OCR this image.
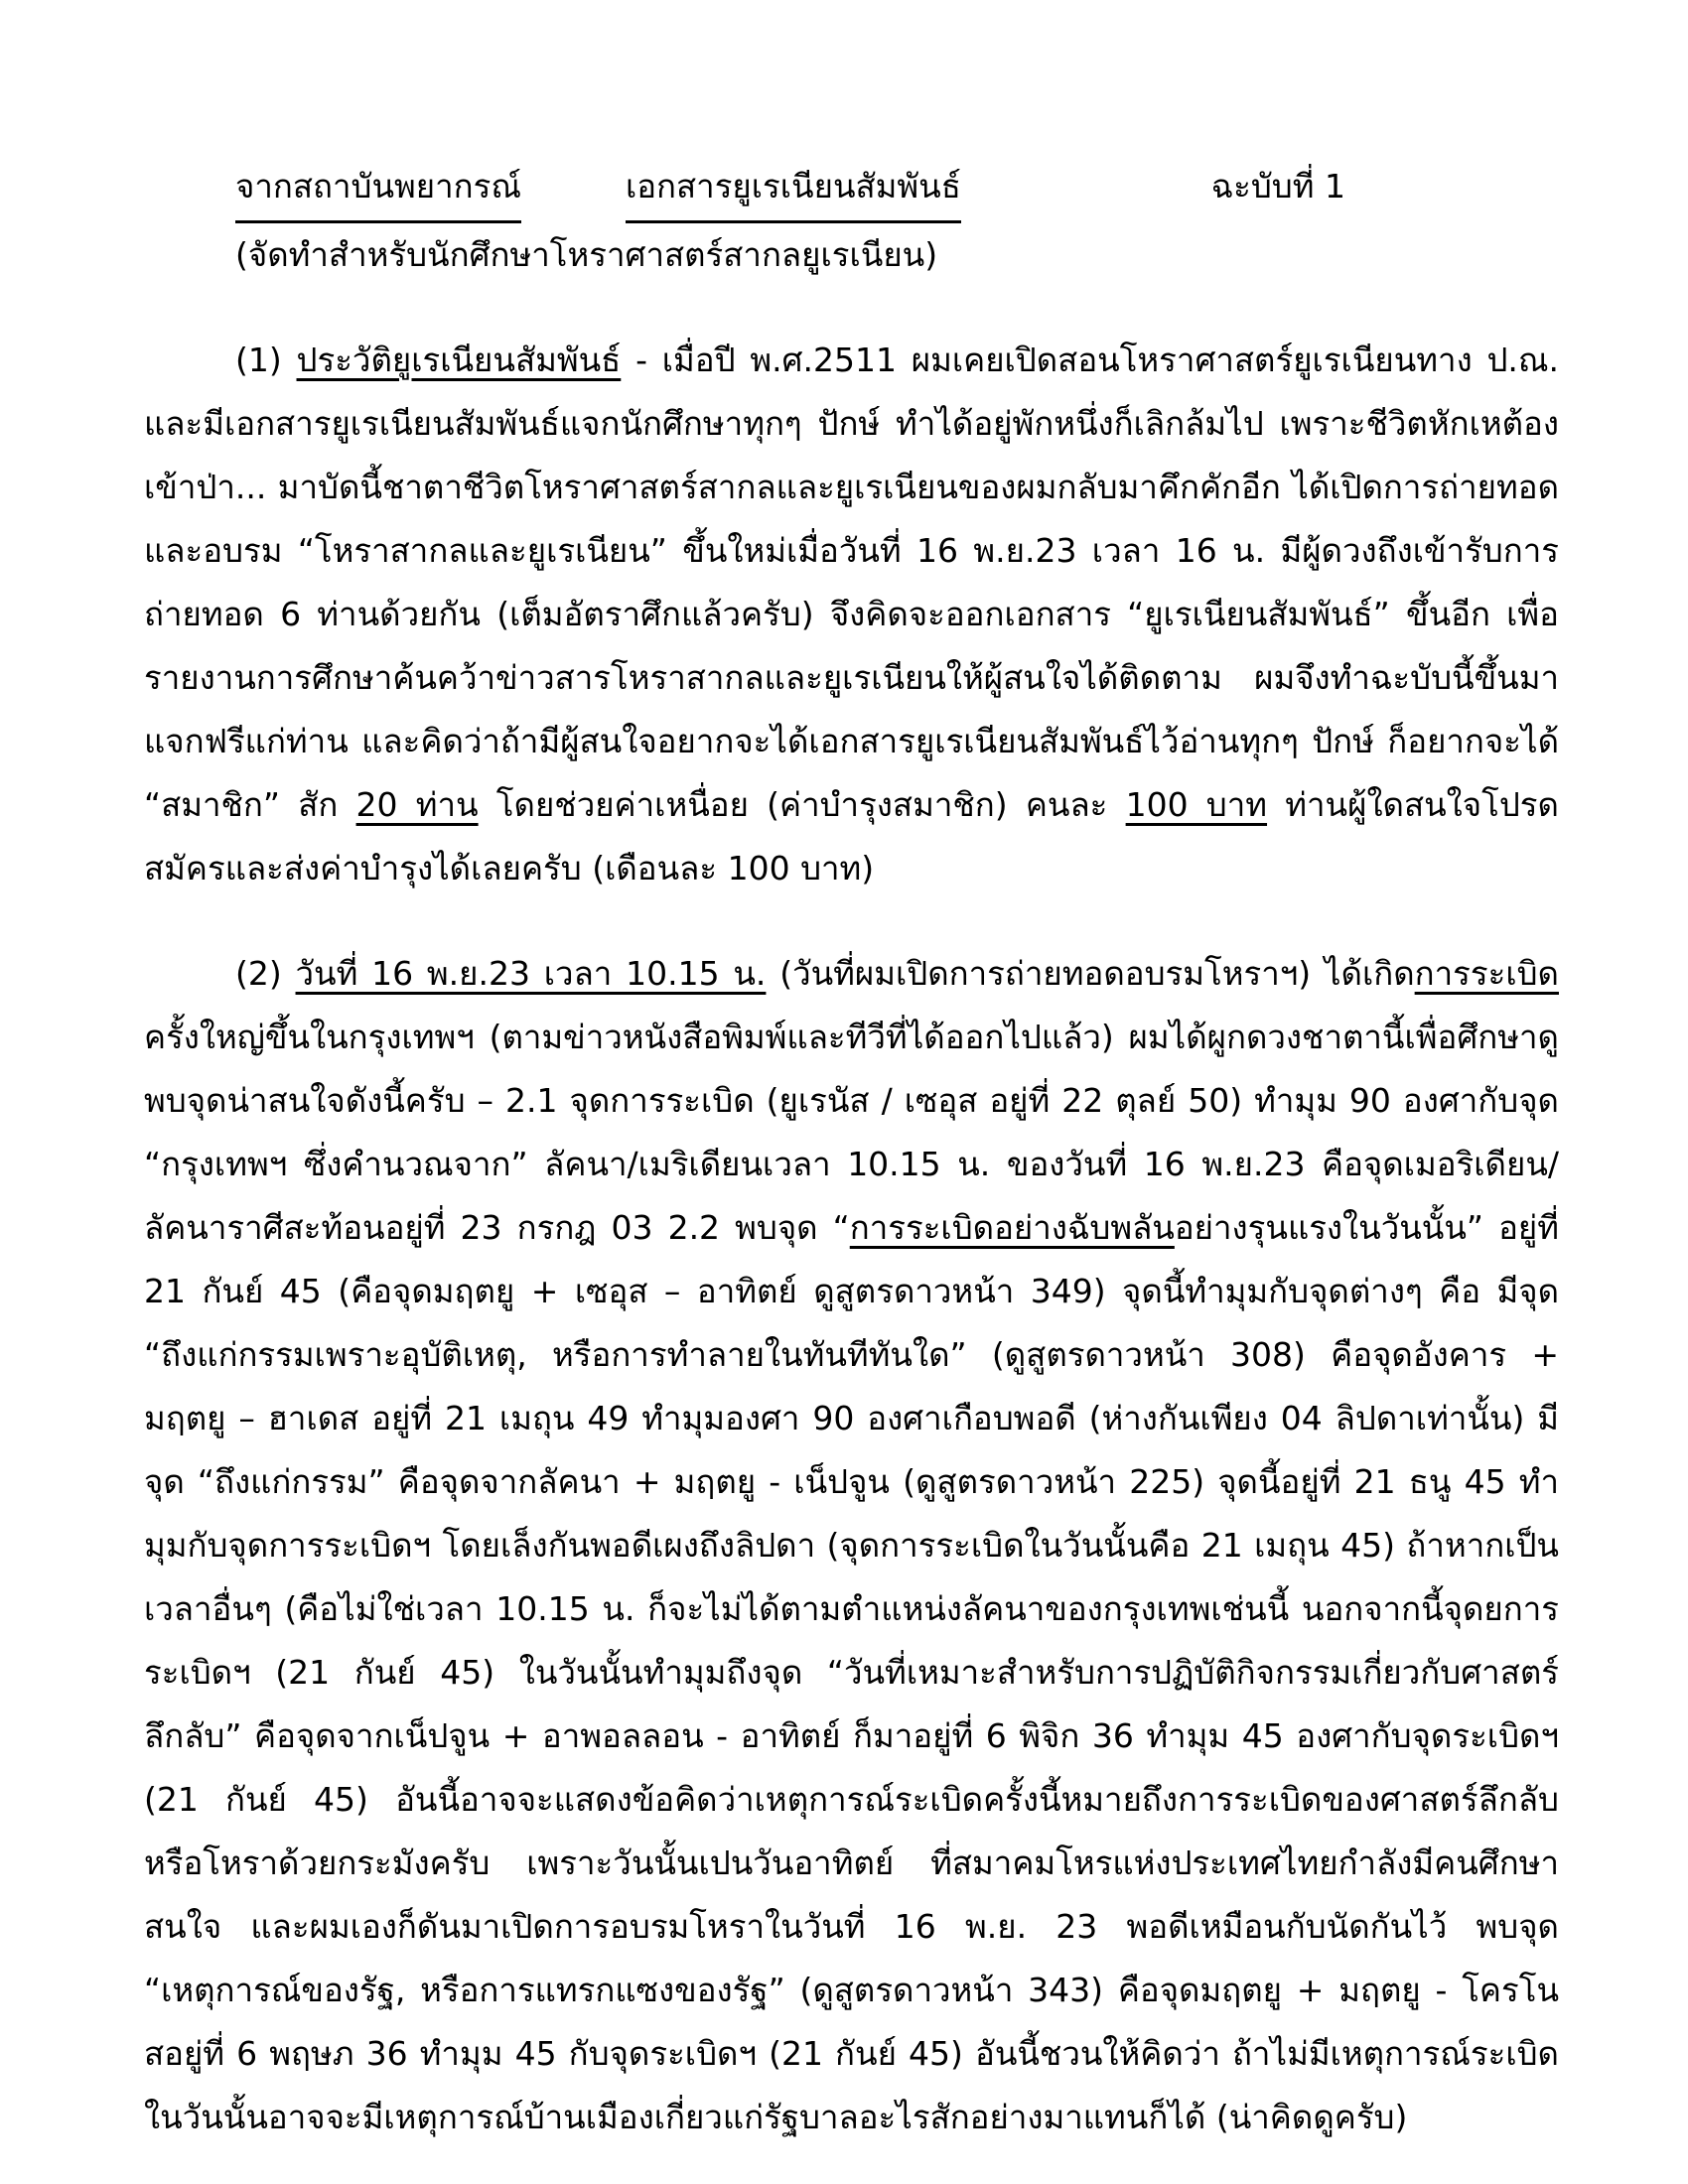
จากสถาบันพยากรณ์	เอกสารยูเรเนียนสัมพันธ์	ฉะบับที่ 1
(จัดทำสำหรับนักศึกษาโหราศาสตร์สากลยูเรเนียน)

(1) ประวัติยูเรเนียนสัมพันธ์ - เมื่อปี พ.ศ.2511 ผมเคยเปิดสอนโหราศาสตร์ยูเรเนียนทาง ป.ณ. และมีเอกสารยูเรเนียนสัมพันธ์แจกนักศึกษาทุกๆ ปักษ์ ทำได้อยู่พักหนึ่งก็เลิกล้มไป เพราะชีวิตหักเหต้องเข้าป่า... มาบัดนี้ชาตาชีวิตโหราศาสตร์สากลและยูเรเนียนของผมกลับมาคึกคักอีก ได้เปิดการถ่ายทอดและอบรม “โหราสากลและยูเรเนียน” ขึ้นใหม่เมื่อวันที่ 16 พ.ย.23 เวลา 16 น. มีผู้ดวงถึงเข้ารับการถ่ายทอด 6 ท่านด้วยกัน (เต็มอัตราศึกแล้วครับ) จึงคิดจะออกเอกสาร “ยูเรเนียนสัมพันธ์” ขึ้นอีก เพื่อรายงานการศึกษาค้นคว้าข่าวสารโหราสากลและยูเรเนียนให้ผู้สนใจได้ติดตาม ผมจึงทำฉะบับนี้ขึ้นมาแจกฟรีแก่ท่าน และคิดว่าถ้ามีผู้สนใจอยากจะได้เอกสารยูเรเนียนสัมพันธ์ไว้อ่านทุกๆ ปักษ์ ก็อยากจะได้ “สมาชิก” สัก 20 ท่าน โดยช่วยค่าเหนื่อย (ค่าบำรุงสมาชิก) คนละ 100 บาท ท่านผู้ใดสนใจโปรดสมัครและส่งค่าบำรุงได้เลยครับ (เดือนละ 100 บาท)

(2) วันที่ 16 พ.ย.23 เวลา 10.15 น. (วันที่ผมเปิดการถ่ายทอดอบรมโหราฯ) ได้เกิดการระเบิดครั้งใหญ่ขึ้นในกรุงเทพฯ (ตามข่าวหนังสือพิมพ์และทีวีที่ได้ออกไปแล้ว) ผมได้ผูกดวงชาตานี้เพื่อศึกษาดู พบจุดน่าสนใจดังนี้ครับ – 2.1 จุดการระเบิด (ยูเรนัส / เซอุส อยู่ที่ 22 ตุลย์ 50) ทำมุม 90 องศากับจุด “กรุงเทพฯ ซึ่งคำนวณจาก” ลัคนา/เมริเดียนเวลา 10.15 น. ของวันที่ 16 พ.ย.23 คือจุดเมอริเดียน/ลัคนาราศีสะท้อนอยู่ที่ 23 กรกฎ 03 2.2 พบจุด “การระเบิดอย่างฉับพลันอย่างรุนแรงในวันนั้น” อยู่ที่ 21 กันย์ 45 (คือจุดมฤตยู + เซอุส – อาทิตย์ ดูสูตรดาวหน้า 349) จุดนี้ทำมุมกับจุดต่างๆ คือ มีจุด “ถึงแก่กรรมเพราะอุบัติเหตุ, หรือการทำลายในทันทีทันใด” (ดูสูตรดาวหน้า 308) คือจุดอังคาร + มฤตยู – ฮาเดส อยู่ที่ 21 เมถุน 49 ทำมุมองศา 90 องศาเกือบพอดี (ห่างกันเพียง 04 ลิปดาเท่านั้น) มีจุด “ถึงแก่กรรม” คือจุดจากลัคนา + มฤตยู - เน็ปจูน (ดูสูตรดาวหน้า 225) จุดนี้อยู่ที่ 21 ธนู 45 ทำมุมกับจุดการระเบิดฯ โดยเล็งกันพอดีเผงถึงลิปดา (จุดการระเบิดในวันนั้นคือ 21 เมถุน 45) ถ้าหากเป็นเวลาอื่นๆ (คือไม่ใช่เวลา 10.15 น. ก็จะไม่ได้ตามตำแหน่งลัคนาของกรุงเทพเช่นนี้ นอกจากนี้จุดยการระเบิดฯ (21 กันย์ 45) ในวันนั้นทำมุมถึงจุด “วันที่เหมาะสำหรับการปฏิบัติกิจกรรมเกี่ยวกับศาสตร์ลึกลับ” คือจุดจากเน็ปจูน + อาพอลลอน - อาทิตย์ ก็มาอยู่ที่ 6 พิจิก 36 ทำมุม 45 องศากับจุดระเบิดฯ (21 กันย์ 45) อันนี้อาจจะแสดงข้อคิดว่าเหตุการณ์ระเบิดครั้งนี้หมายถึงการระเบิดของศาสตร์ลึกลับหรือโหราด้วยกระมังครับ เพราะวันนั้นเปนวันอาทิตย์ ที่สมาคมโหรแห่งประเทศไทยกำลังมีคนศึกษาสนใจ และผมเองก็ดันมาเปิดการอบรมโหราในวันที่ 16 พ.ย. 23 พอดีเหมือนกับนัดกันไว้ พบจุด “เหตุการณ์ของรัฐ, หรือการแทรกแซงของรัฐ” (ดูสูตรดาวหน้า 343) คือจุดมฤตยู + มฤตยู - โครโนสอยู่ที่ 6 พฤษภ 36 ทำมุม 45 กับจุดระเบิดฯ (21 กันย์ 45) อันนี้ชวนให้คิดว่า ถ้าไม่มีเหตุการณ์ระเบิดในวันนั้นอาจจะมีเหตุการณ์บ้านเมืองเกี่ยวแก่รัฐบาลอะไรสักอย่างมาแทนก็ได้ (น่าคิดดูครับ)
